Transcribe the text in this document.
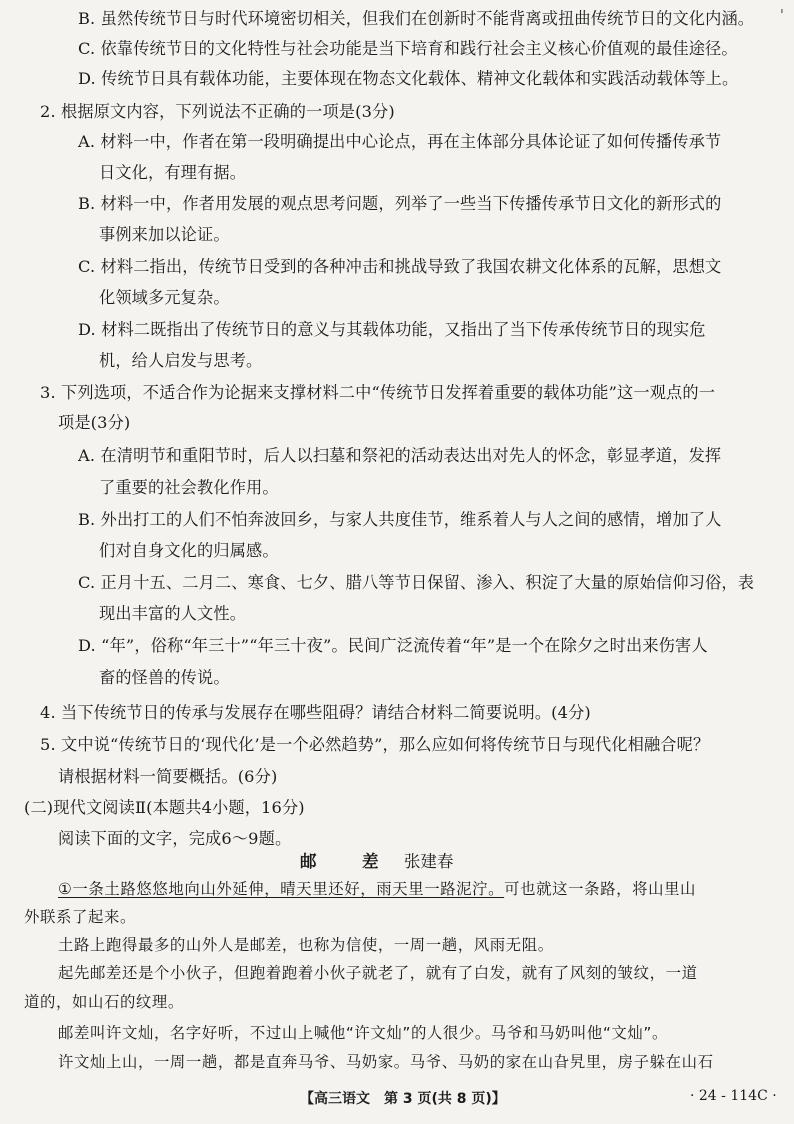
'
B. 虽然传统节日与时代环境密切相关，但我们在创新时不能背离或扭曲传统节日的文化内涵。
C. 依靠传统节日的文化特性与社会功能是当下培育和践行社会主义核心价值观的最佳途径。
D. 传统节日具有载体功能，主要体现在物态文化载体、精神文化载体和实践活动载体等上。
2. 根据原文内容，下列说法不正确的一项是(3分)
A. 材料一中，作者在第一段明确提出中心论点，再在主体部分具体论证了如何传播传承节
日文化，有理有据。
B. 材料一中，作者用发展的观点思考问题，列举了一些当下传播传承节日文化的新形式的
事例来加以论证。
C. 材料二指出，传统节日受到的各种冲击和挑战导致了我国农耕文化体系的瓦解，思想文
化领域多元复杂。
D. 材料二既指出了传统节日的意义与其载体功能，又指出了当下传承传统节日的现实危
机，给人启发与思考。
3. 下列选项，不适合作为论据来支撑材料二中“传统节日发挥着重要的载体功能”这一观点的一
项是(3分)
A. 在清明节和重阳节时，后人以扫墓和祭祀的活动表达出对先人的怀念，彰显孝道，发挥
了重要的社会教化作用。
B. 外出打工的人们不怕奔波回乡，与家人共度佳节，维系着人与人之间的感情，增加了人
们对自身文化的归属感。
C. 正月十五、二月二、寒食、七夕、腊八等节日保留、渗入、积淀了大量的原始信仰习俗，表
现出丰富的人文性。
D. “年”，俗称“年三十”“年三十夜”。民间广泛流传着“年”是一个在除夕之时出来伤害人
畜的怪兽的传说。
4. 当下传统节日的传承与发展存在哪些阻碍？请结合材料二简要说明。(4分)
5. 文中说“传统节日的‘现代化’是一个必然趋势”，那么应如何将传统节日与现代化相融合呢？
请根据材料一简要概括。(6分)
(二)现代文阅读Ⅱ(本题共4小题，16分)
阅读下面的文字，完成6～9题。
邮	差 张建春
①一条土路悠悠地向山外延伸，晴天里还好，雨天里一路泥泞。可也就这一条路，将山里山
外联系了起来。
土路上跑得最多的山外人是邮差，也称为信使，一周一趟，风雨无阻。
起先邮差还是个小伙子，但跑着跑着小伙子就老了，就有了白发，就有了风刻的皱纹，一道
道的，如山石的纹理。
邮差叫许文灿，名字好听，不过山上喊他“许文灿”的人很少。马爷和马奶叫他“文灿”。
许文灿上山，一周一趟，都是直奔马爷、马奶家。马爷、马奶的家在山旮旯里，房子躲在山石
【高三语文　第 3 页(共 8 页)】	· 24 - 114C ·
